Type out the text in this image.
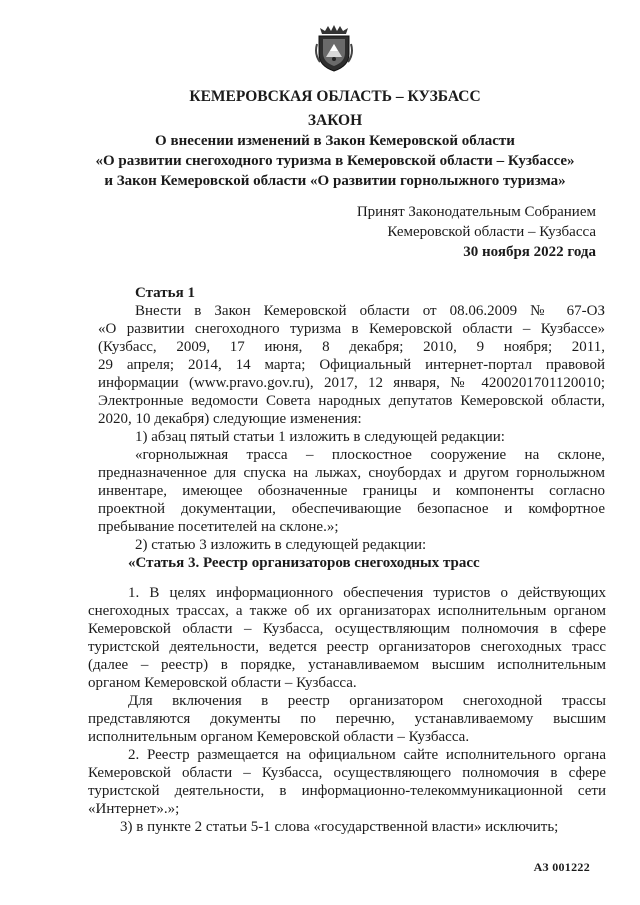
КЕМЕРОВСКАЯ ОБЛАСТЬ – КУЗБАСС
ЗАКОН
О внесении изменений в Закон Кемеровской области
«О развитии снегоходного туризма в Кемеровской области – Кузбассе»
и Закон Кемеровской области «О развитии горнолыжного туризма»
Принят Законодательным Собранием
Кемеровской области – Кузбасса
30 ноября 2022 года
Статья 1
Внести в Закон Кемеровской области от 08.06.2009 № 67-ОЗ
«О развитии снегоходного туризма в Кемеровской области – Кузбассе»
(Кузбасс, 2009, 17 июня, 8 декабря; 2010, 9 ноября; 2011,
29 апреля; 2014, 14 марта; Официальный интернет-портал правовой
информации (www.pravo.gov.ru), 2017, 12 января, № 4200201701120010;
Электронные ведомости Совета народных депутатов Кемеровской области,
2020, 10 декабря) следующие изменения:
1) абзац пятый статьи 1 изложить в следующей редакции:
«горнолыжная трасса – плоскостное сооружение на склоне,
предназначенное для спуска на лыжах, сноубордах и другом горнолыжном
инвентаре, имеющее обозначенные границы и компоненты согласно
проектной документации, обеспечивающие безопасное и комфортное
пребывание посетителей на склоне.»;
2) статью 3 изложить в следующей редакции:
«Статья 3. Реестр организаторов снегоходных трасс
1. В целях информационного обеспечения туристов о действующих
снегоходных трассах, а также об их организаторах исполнительным органом
Кемеровской области – Кузбасса, осуществляющим полномочия в сфере
туристской деятельности, ведется реестр организаторов снегоходных трасс
(далее – реестр) в порядке, устанавливаемом высшим исполнительным
органом Кемеровской области – Кузбасса.
Для включения в реестр организатором снегоходной трассы
представляются документы по перечню, устанавливаемому высшим
исполнительным органом Кемеровской области – Кузбасса.
2. Реестр размещается на официальном сайте исполнительного органа
Кемеровской области – Кузбасса, осуществляющего полномочия в сфере
туристской деятельности, в информационно-телекоммуникационной сети
«Интернет».»;
3) в пункте 2 статьи 5-1 слова «государственной власти» исключить;
АЗ 001222
